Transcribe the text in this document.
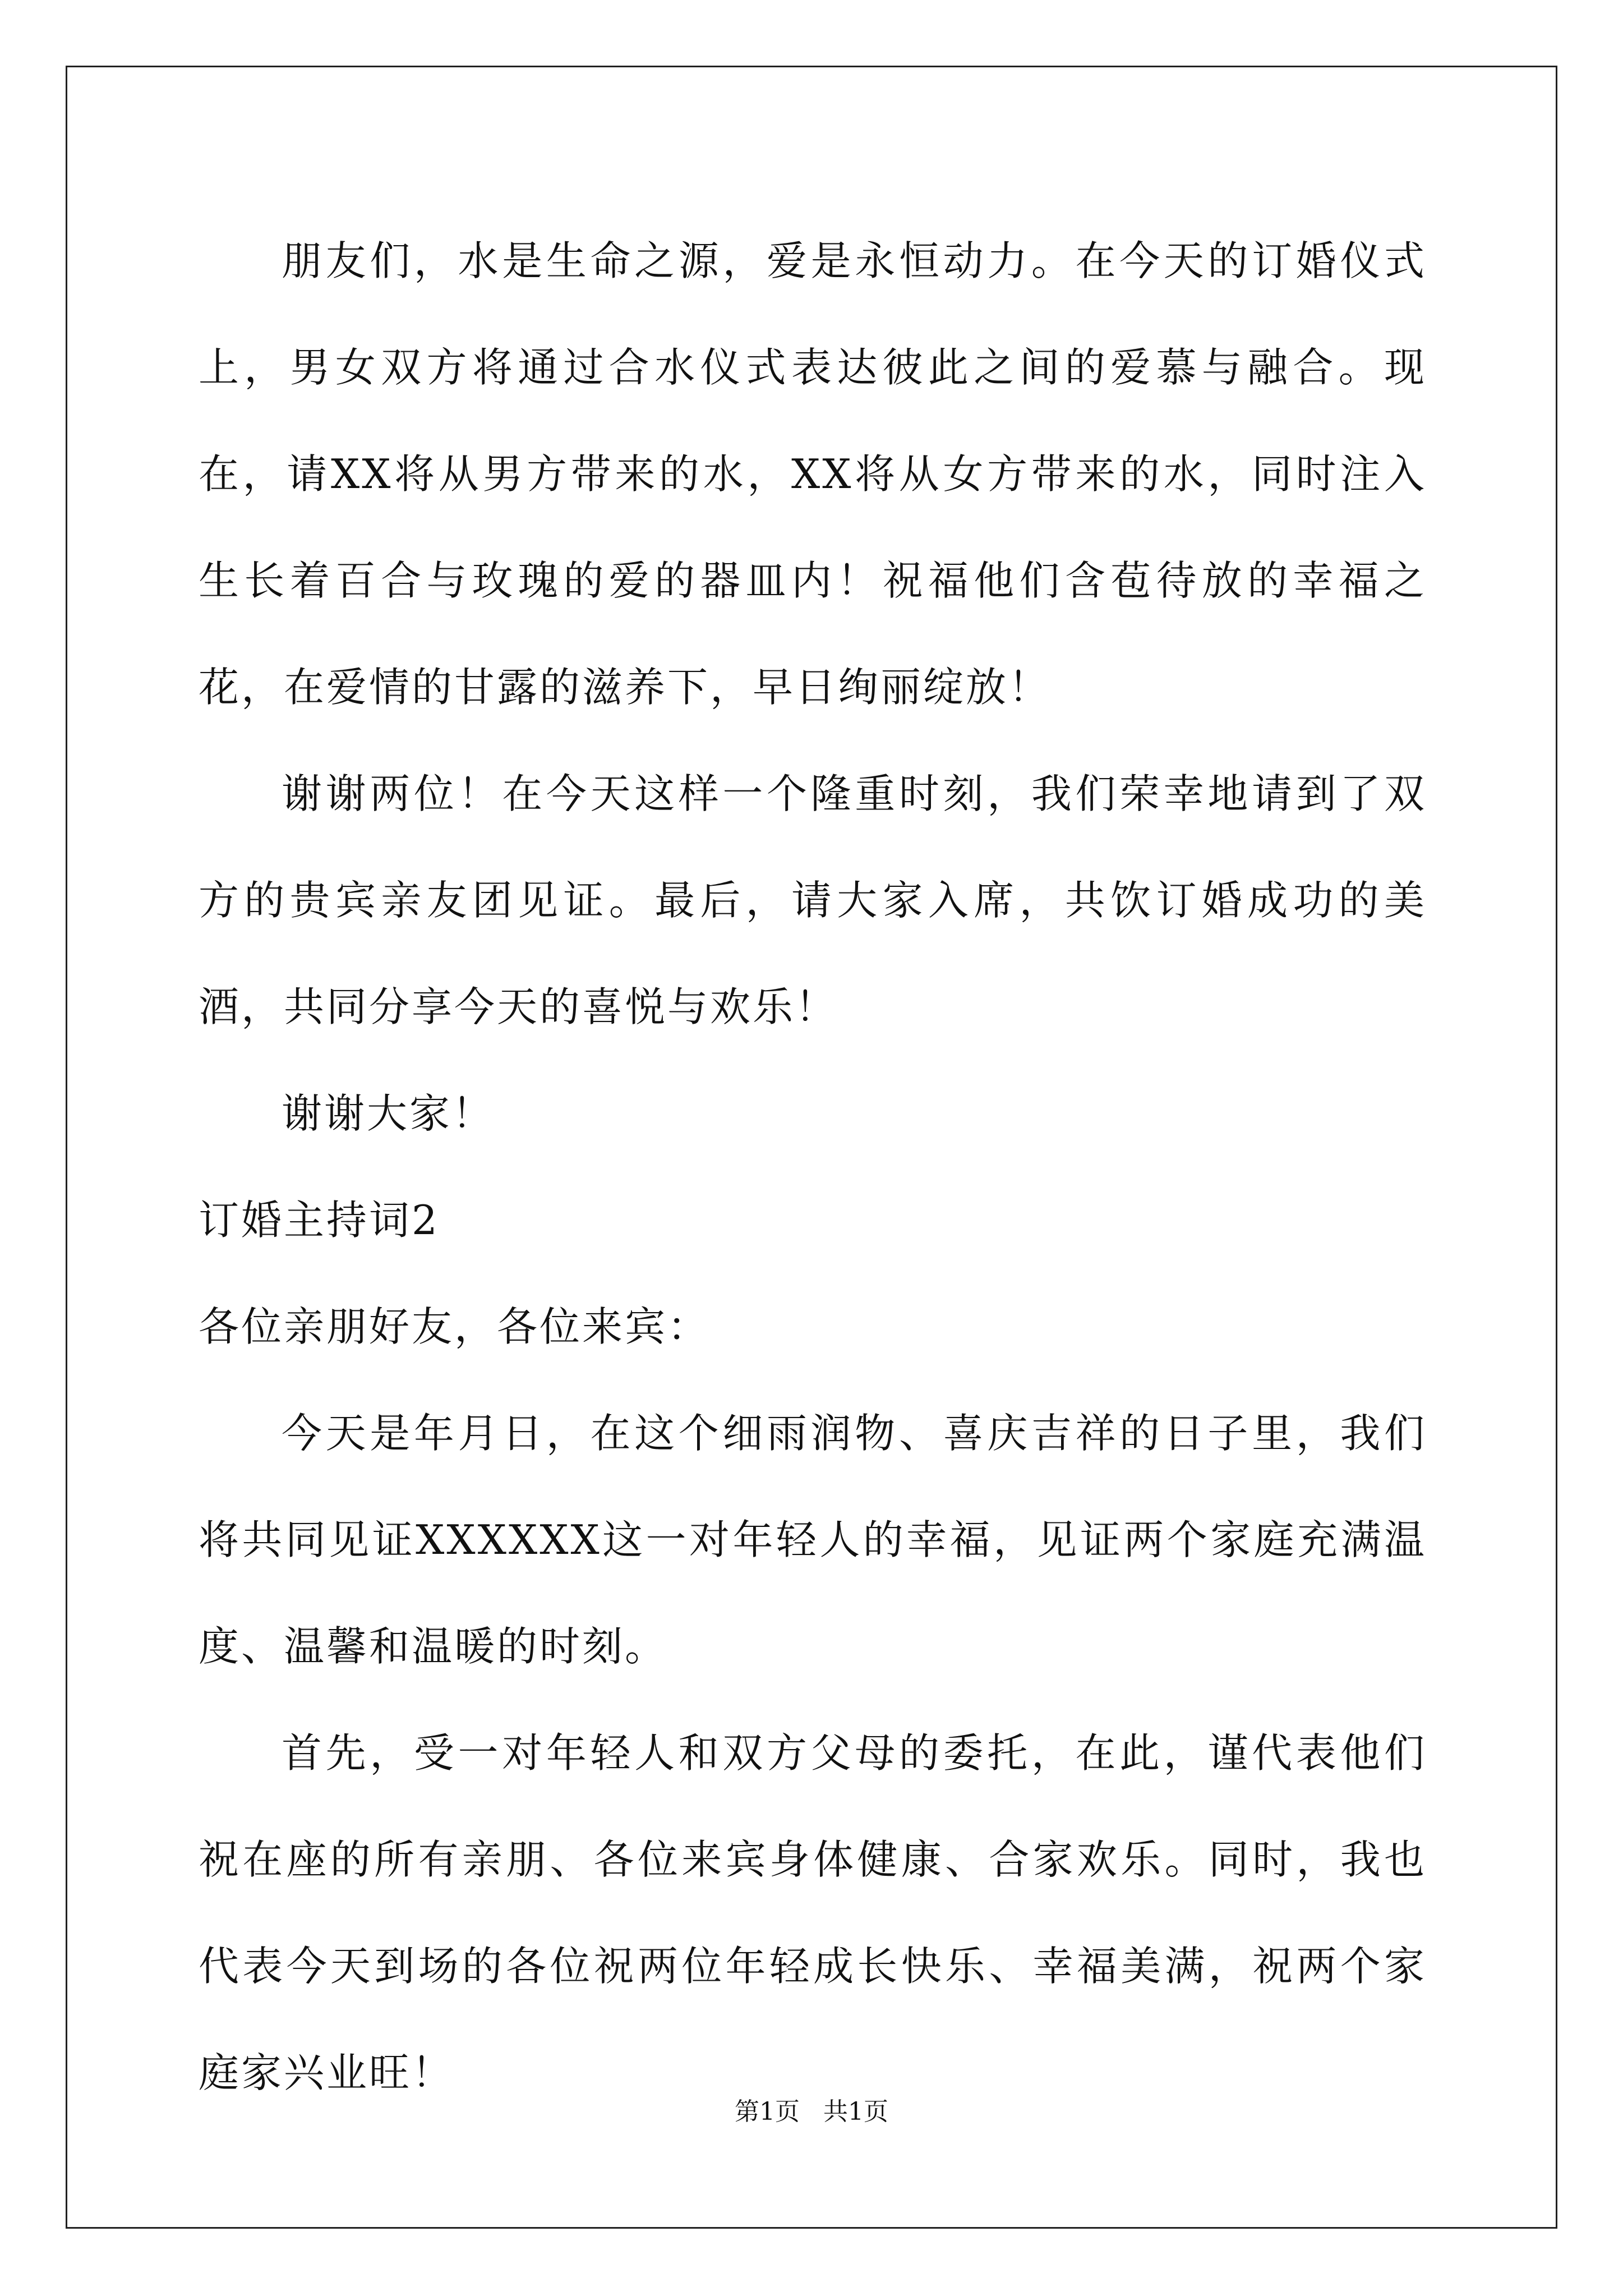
朋友们，水是生命之源，爱是永恒动力。在今天的订婚仪式上，男女双方将通过合水仪式表达彼此之间的爱慕与融合。现在，请XX将从男方带来的水，XX将从女方带来的水，同时注入生长着百合与玫瑰的爱的器皿内！祝福他们含苞待放的幸福之花，在爱情的甘露的滋养下，早日绚丽绽放！

谢谢两位！在今天这样一个隆重时刻，我们荣幸地请到了双方的贵宾亲友团见证。最后，请大家入席，共饮订婚成功的美酒，共同分享今天的喜悦与欢乐！

谢谢大家！

订婚主持词2

各位亲朋好友，各位来宾：

今天是年月日，在这个细雨润物、喜庆吉祥的日子里，我们将共同见证XXXXXX这一对年轻人的幸福，见证两个家庭充满温度、温馨和温暖的时刻。

首先，受一对年轻人和双方父母的委托，在此，谨代表他们祝在座的所有亲朋、各位来宾身体健康、合家欢乐。同时，我也代表今天到场的各位祝两位年轻成长快乐、幸福美满，祝两个家庭家兴业旺！

第1页 共1页
